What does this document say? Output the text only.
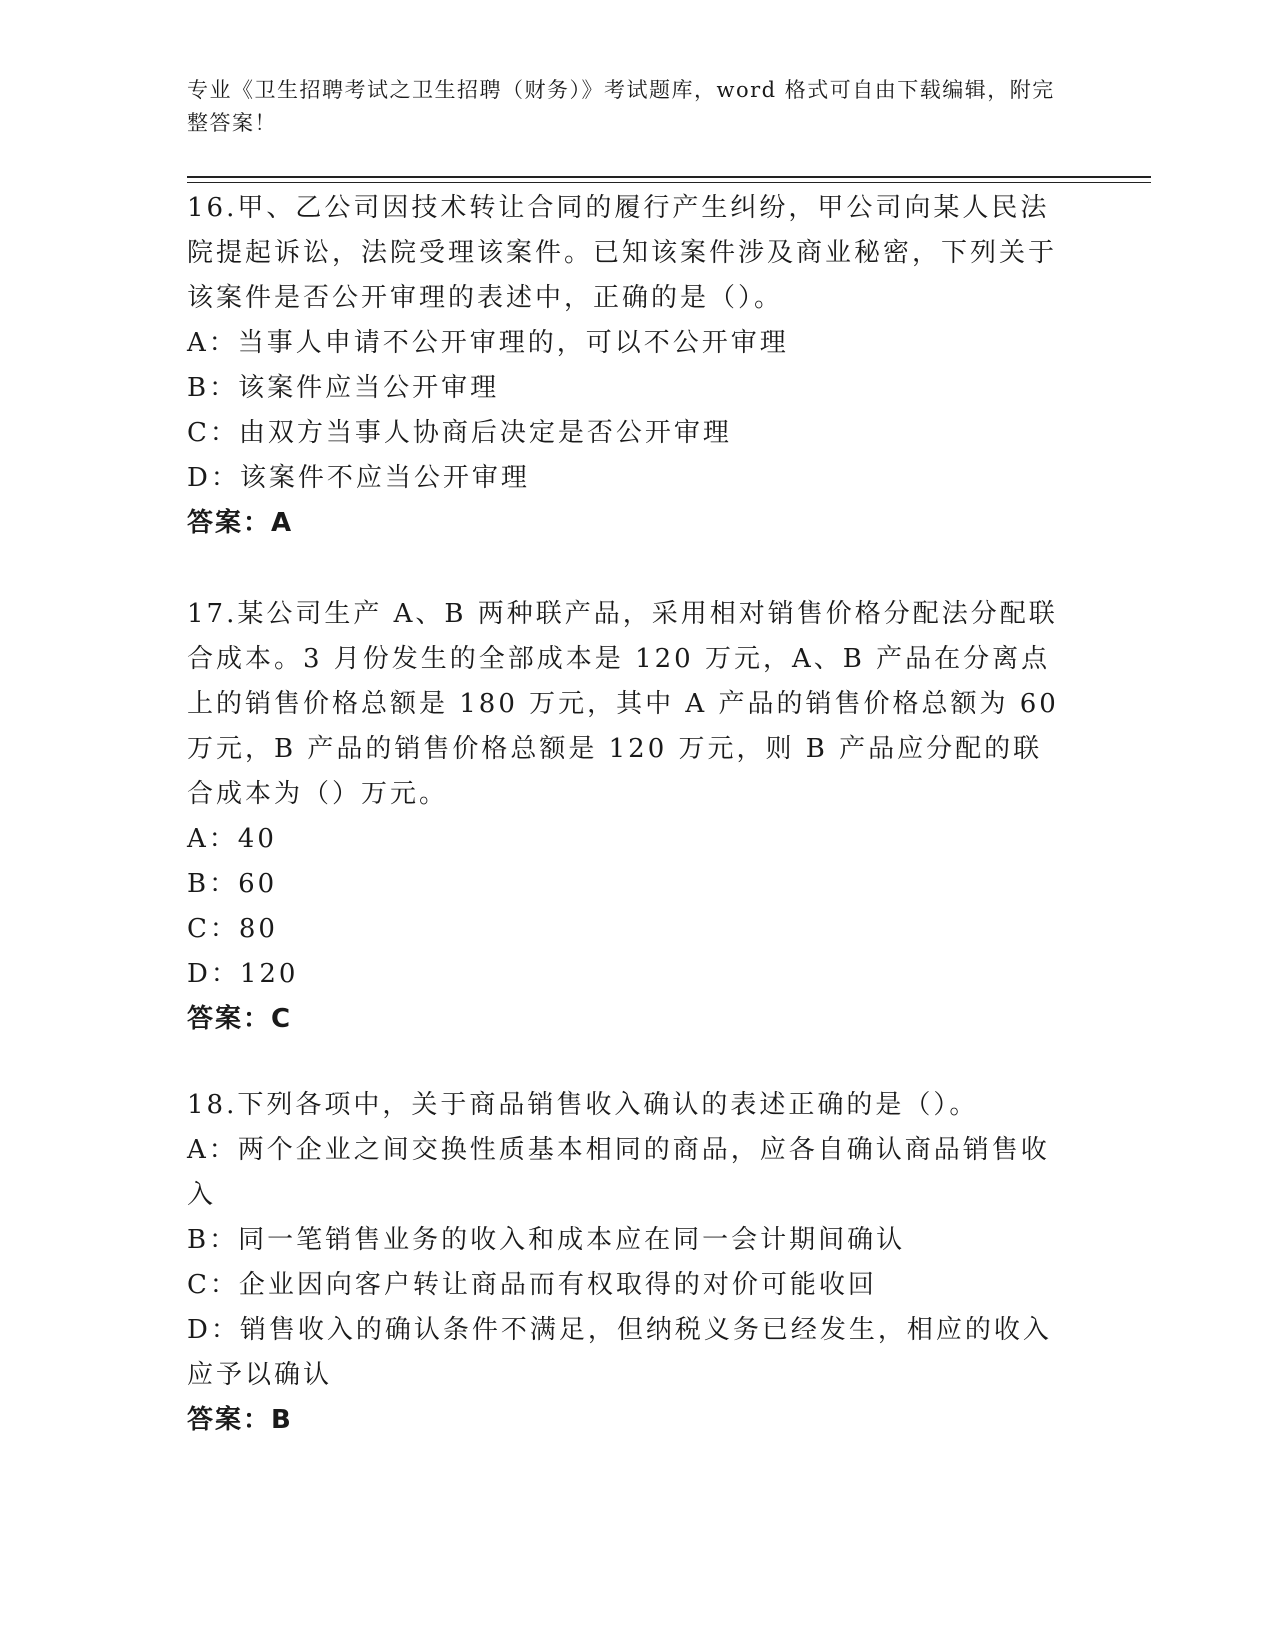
专业《卫生招聘考试之卫生招聘（财务）》考试题库，word 格式可自由下载编辑，附完整答案！

16.甲、乙公司因技术转让合同的履行产生纠纷，甲公司向某人民法院提起诉讼，法院受理该案件。已知该案件涉及商业秘密，下列关于该案件是否公开审理的表述中，正确的是（）。

A：当事人申请不公开审理的，可以不公开审理

B：该案件应当公开审理

C：由双方当事人协商后决定是否公开审理

D：该案件不应当公开审理

答案：A

17.某公司生产 A、B 两种联产品，采用相对销售价格分配法分配联合成本。3 月份发生的全部成本是 120 万元，A、B 产品在分离点上的销售价格总额是 180 万元，其中 A 产品的销售价格总额为 60 万元，B 产品的销售价格总额是 120 万元，则 B 产品应分配的联合成本为（）万元。

A：40

B：60

C：80

D：120

答案：C

18.下列各项中，关于商品销售收入确认的表述正确的是（）。

A：两个企业之间交换性质基本相同的商品，应各自确认商品销售收入

B：同一笔销售业务的收入和成本应在同一会计期间确认

C：企业因向客户转让商品而有权取得的对价可能收回

D：销售收入的确认条件不满足，但纳税义务已经发生，相应的收入应予以确认

答案：B
